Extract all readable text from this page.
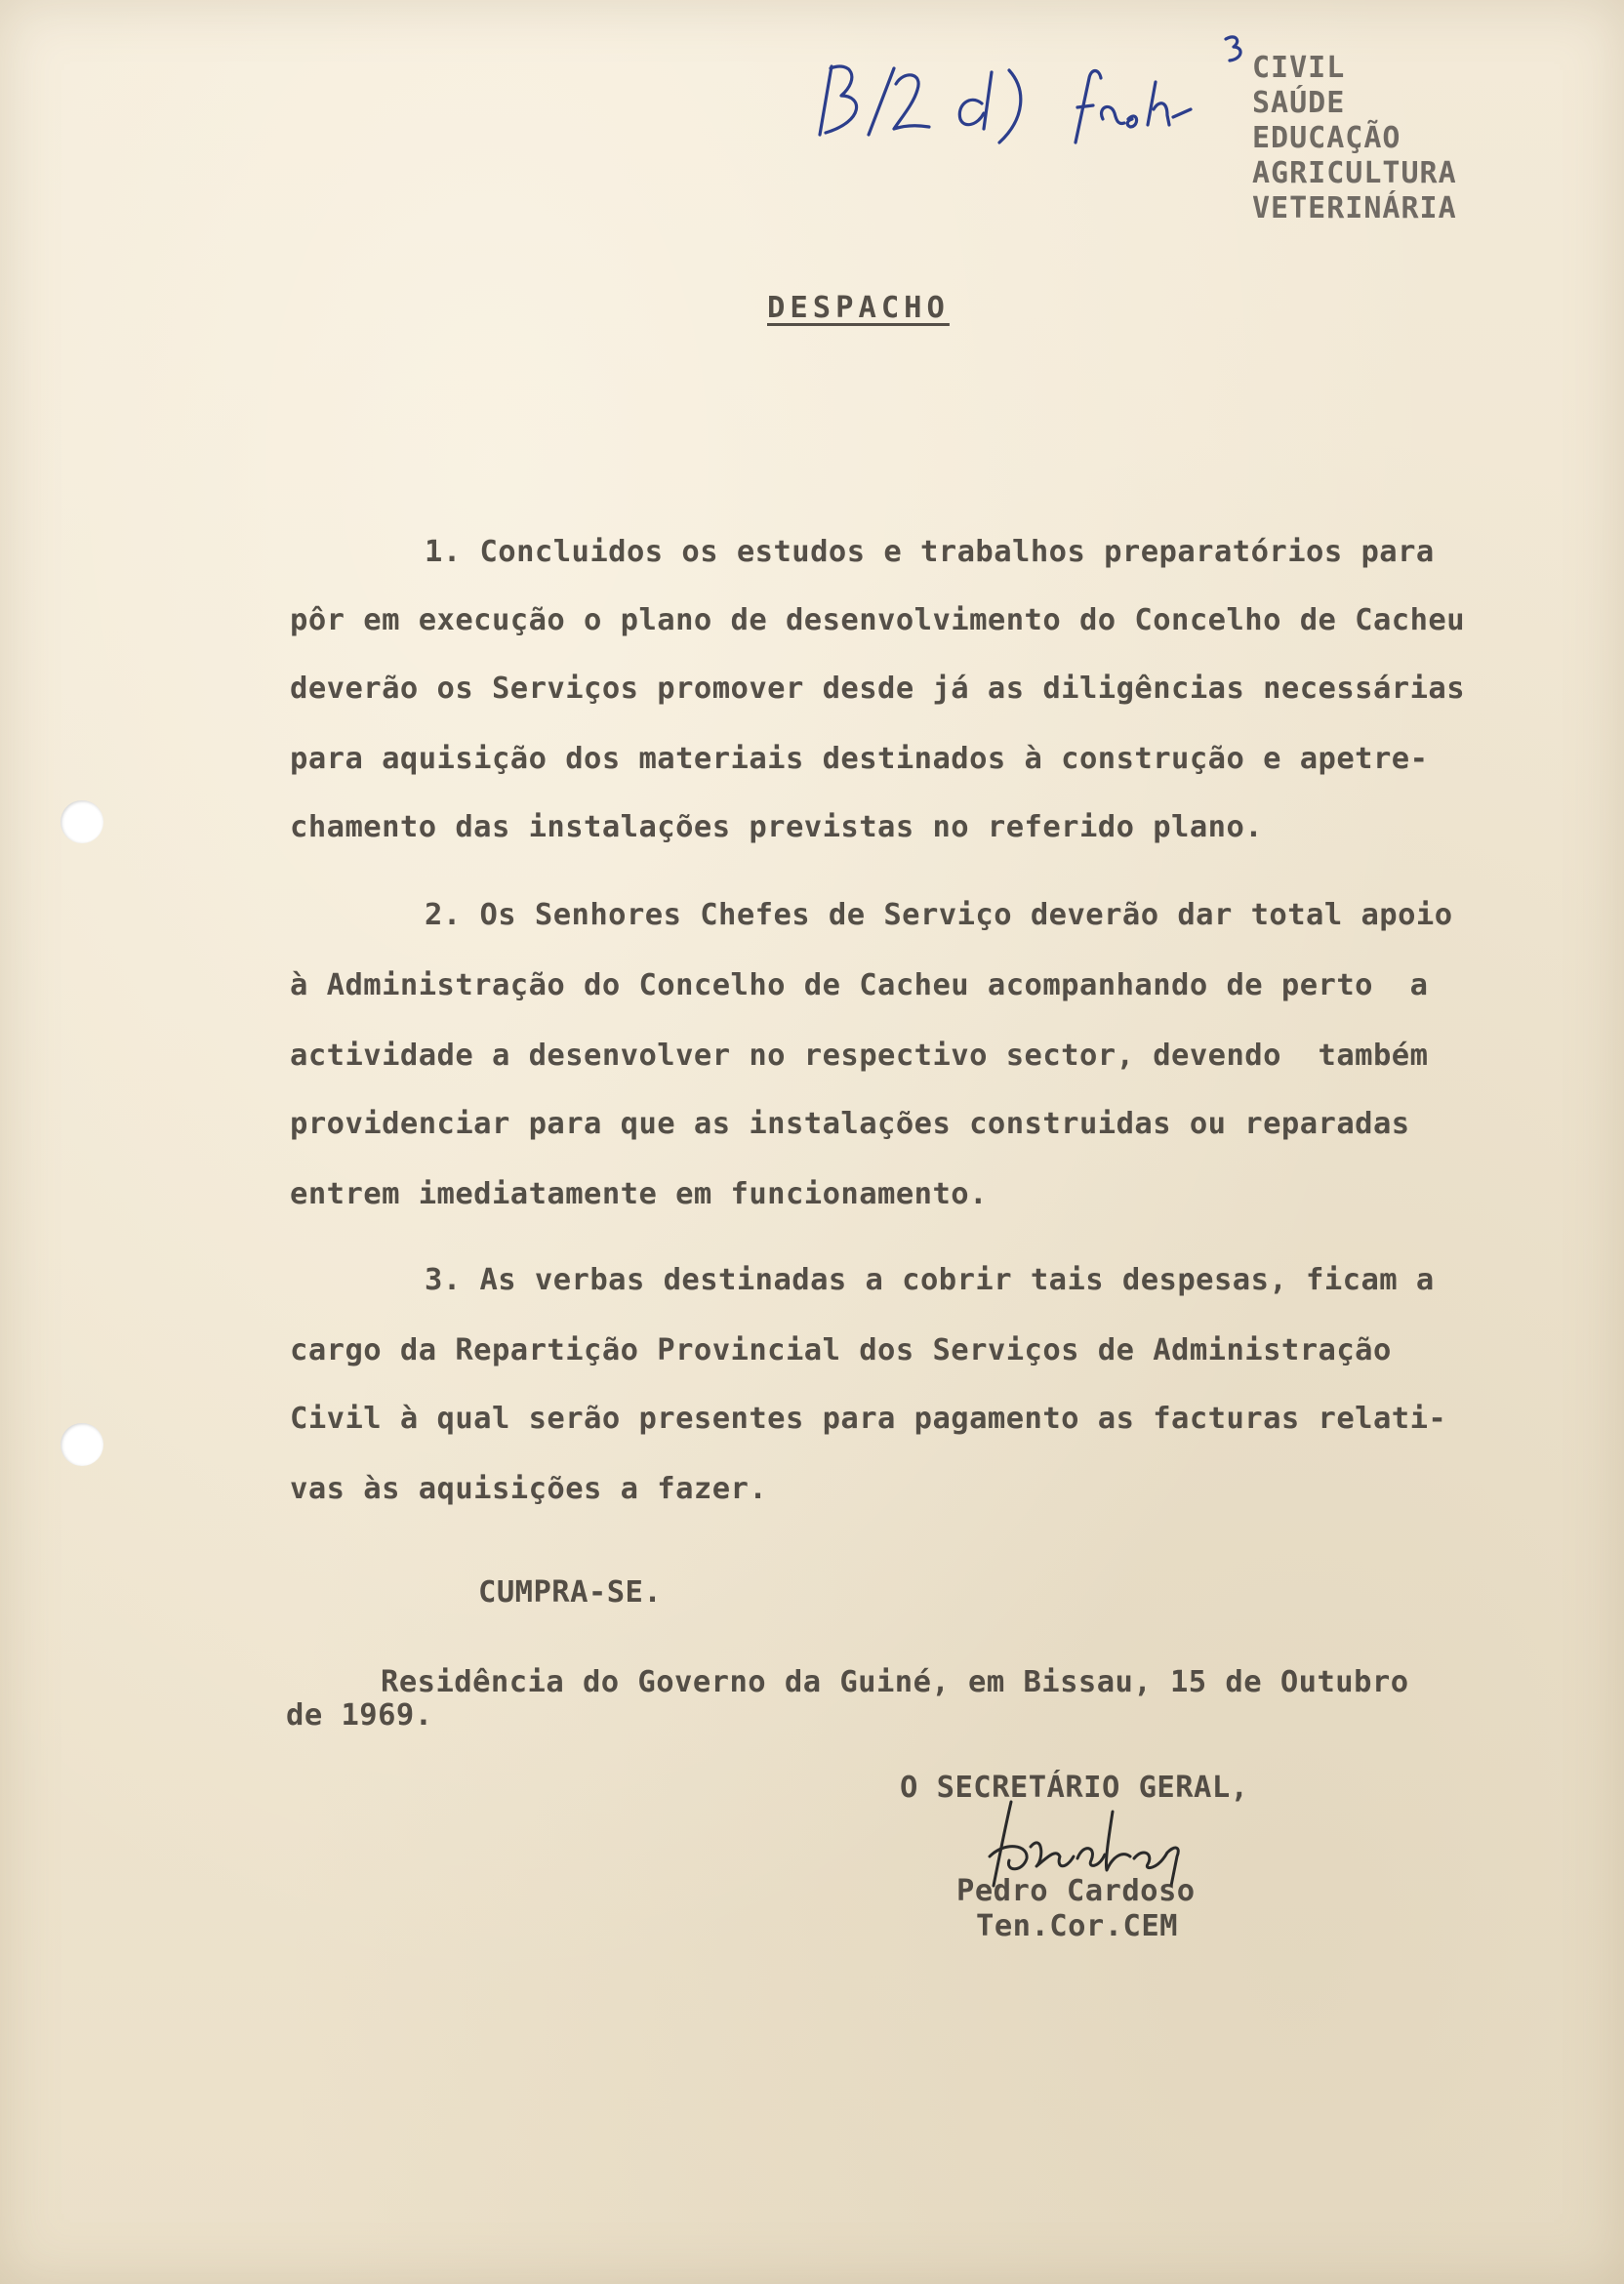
CIVIL
SAÚDE
EDUCAÇÃO
AGRICULTURA
VETERINÁRIA
DESPACHO
1. Concluidos os estudos e trabalhos preparatórios para
pôr em execução o plano de desenvolvimento do Concelho de Cacheu
deverão os Serviços promover desde já as diligências necessárias
para aquisição dos materiais destinados à construção e apetre-
chamento das instalações previstas no referido plano.
2. Os Senhores Chefes de Serviço deverão dar total apoio
à Administração do Concelho de Cacheu acompanhando de perto  a
actividade a desenvolver no respectivo sector, devendo  também
providenciar para que as instalações construidas ou reparadas
entrem imediatamente em funcionamento.
3. As verbas destinadas a cobrir tais despesas, ficam a
cargo da Repartição Provincial dos Serviços de Administração
Civil à qual serão presentes para pagamento as facturas relati-
vas às aquisições a fazer.
CUMPRA-SE.
Residência do Governo da Guiné, em Bissau, 15 de Outubro
de 1969.
O SECRETÁRIO GERAL,
Pedro Cardoso
Ten.Cor.CEM
